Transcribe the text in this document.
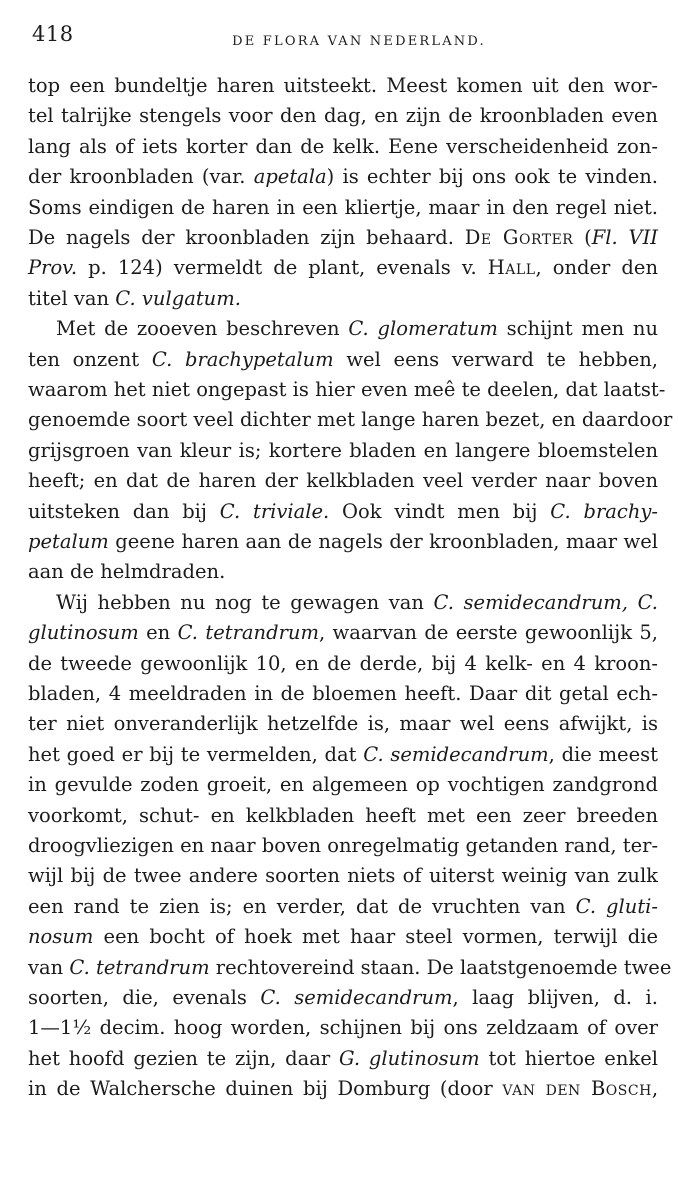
418	DE FLORA VAN NEDERLAND.
top een bundeltje haren uitsteekt. Meest komen uit den wor-
tel talrijke stengels voor den dag, en zijn de kroonbladen even
lang als of iets korter dan de kelk. Eene verscheidenheid zon-
der kroonbladen (var. apetala) is echter bij ons ook te vinden.
Soms eindigen de haren in een kliertje, maar in den regel niet.
De nagels der kroonbladen zijn behaard. De Gorter (Fl. VII
Prov. p. 124) vermeldt de plant, evenals v. Hall, onder den
titel van C. vulgatum.
Met de zooeven beschreven C. glomeratum schijnt men nu
ten onzent C. brachypetalum wel eens verward te hebben,
waarom het niet ongepast is hier even meê te deelen, dat laatst-
genoemde soort veel dichter met lange haren bezet, en daardoor
grijsgroen van kleur is; kortere bladen en langere bloemstelen
heeft; en dat de haren der kelkbladen veel verder naar boven
uitsteken dan bij C. triviale. Ook vindt men bij C. brachy-
petalum geene haren aan de nagels der kroonbladen, maar wel
aan de helmdraden.
Wij hebben nu nog te gewagen van C. semidecandrum, C.
glutinosum en C. tetrandrum, waarvan de eerste gewoonlijk 5,
de tweede gewoonlijk 10, en de derde, bij 4 kelk- en 4 kroon-
bladen, 4 meeldraden in de bloemen heeft. Daar dit getal ech-
ter niet onveranderlijk hetzelfde is, maar wel eens afwijkt, is
het goed er bij te vermelden, dat C. semidecandrum, die meest
in gevulde zoden groeit, en algemeen op vochtigen zandgrond
voorkomt, schut- en kelkbladen heeft met een zeer breeden
droogvliezigen en naar boven onregelmatig getanden rand, ter-
wijl bij de twee andere soorten niets of uiterst weinig van zulk
een rand te zien is; en verder, dat de vruchten van C. gluti-
nosum een bocht of hoek met haar steel vormen, terwijl die
van C. tetrandrum rechtovereind staan. De laatstgenoemde twee
soorten, die, evenals C. semidecandrum, laag blijven, d. i.
1—1½ decim. hoog worden, schijnen bij ons zeldzaam of over
het hoofd gezien te zijn, daar G. glutinosum tot hiertoe enkel
in de Walchersche duinen bij Domburg (door van den Bosch,
